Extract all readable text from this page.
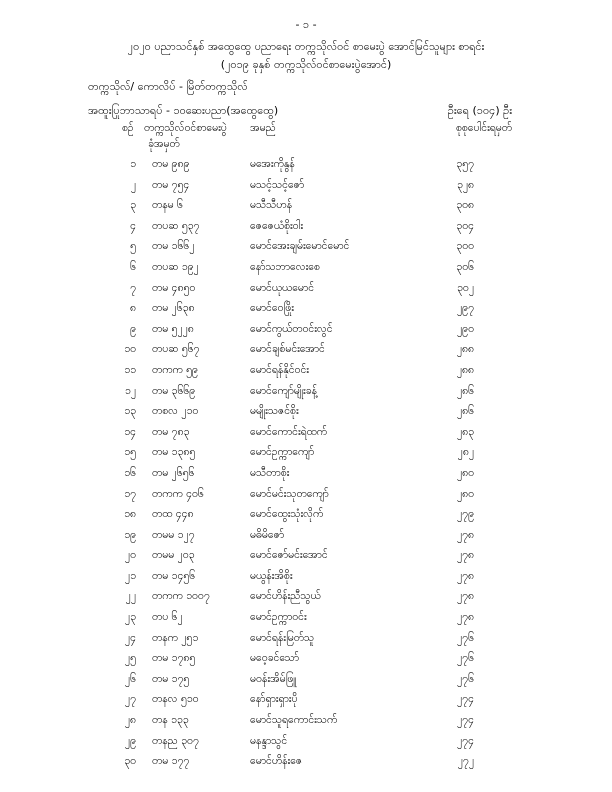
- ၁ -
၂၀၂၀ ပညာသင်နှစ် အထွေထွေ ပညာရေး တက္ကသိုလ်ဝင် စာမေးပွဲ အောင်မြင်သူများ စာရင်း
(၂၀၁၉ ခုနှစ် တက္ကသိုလ်ဝင်စာမေးပွဲအောင်)
တက္ကသိုလ်/ ကောလိပ် - မြိတ်တက္ကသိုလ်
အထူးပြုဘာသာရပ် - ၁၀ဆေးပညာ(အထွေထွေ)	ဦးရေ (၁၀၄) ဦး
စဉ် တက္ကသိုလ်ဝင်စာမေးပွဲ
ခုံအမှတ်
အမည်	စုစုပေါင်းရမှတ်
၁ တမ ၉၈၉	မအေးကိုနွန်	၃၅၇
၂ တမ ၇၅၄	မသင့်သင့်ဇော်	၃၂၈
၃ တနမ ၆	မသီသီဟန်	၃၀၈
၄ တပဆ ၅၃၇	ဇေဇေယံစိုးဝါး	၃၀၄
၅ တမ ၁၆၆၂	မောင်အေးချမ်းမောင်မောင်	၃၀၀
၆ တပဆ ၁၉၂	နော်သဘာလေးစေ	၃၀၆
၇ တမ ၄၈၅၀	မောင်ယုယမောင်	၃၀၂
၈ တမ ၂၆၃၈	မောင်ဝေဖြိုး	၂၉၇
၉ တမ ၅၂၂၈	မောင်ကွယ်တဝင်းလွင်	၂၉၀
၁၀ တပဆ ၅၆၇	မောင်ချစ်မင်းအောင်	၂၈၈
၁၁ တကက ၅၉	မောင်ရန်နိုင်ဝင်း	၂၈၈
၁၂ တမ ၃၆၆၉	မောင်ကျော်မျိုးခန့်	၂၈၆
၁၃ တစလ ၂၁၀	မမျိုးသဇင်စိုး	၂၈၆
၁၄ တမ ၇၈၃	မောင်ကောင်းရဲထက်	၂၈၃
၁၅ တမ ၁၃၈၅	မောင်ဥက္ကာကျော်	၂၈၂
၁၆ တမ ၂၆၅၆	မသီတာစိုး	၂၈၀
၁၇ တကက ၄၀၆	မောင်မင်းသုတကျော်	၂၈၀
၁၈ တထ ၄၄၈	မောင်ထွေးသုံးလိုက်	၂၇၉
၁၉ တမမ ၁၂၇	မဓိမိဇော်	၂၇၈
၂၀ တမမ ၂၀၃	မောင်ဇော်မင်းအောင်	၂၇၈
၂၁ တမ ၁၄၅၆	မယွန်းအိစိုး	၂၇၈
၂၂ တကက ၁၀၀၇	မောင်ဟိန်းညီသွယ်	၂၇၈
၂၃ တပ ၆၂	မောင်ဥက္ကာဝင်း	၂၇၈
၂၄ တနက ၂၅၁	မောင်ရန်းမြတ်သူ	၂၇၆
၂၅ တမ ၁၇၈၅	မဝေ့ခင်သော်	၂၇၆
၂၆ တမ ၁၇၅	မဝန်းအိမ်ဖြူ	၂၇၆
၂၇ တနလ ၅၁၀	နော်ရှားရှားပို	၂၇၄
၂၈ တန ၁၃၃	မောင်သူရကောင်းသက်	၂၇၄
၂၉ တနည ၃၀၇	မနန္ဒာသွင်	၂၇၄
၃၀ တမ ၁၇၇	မောင်ဟိန်းဇေ	၂၇၂
